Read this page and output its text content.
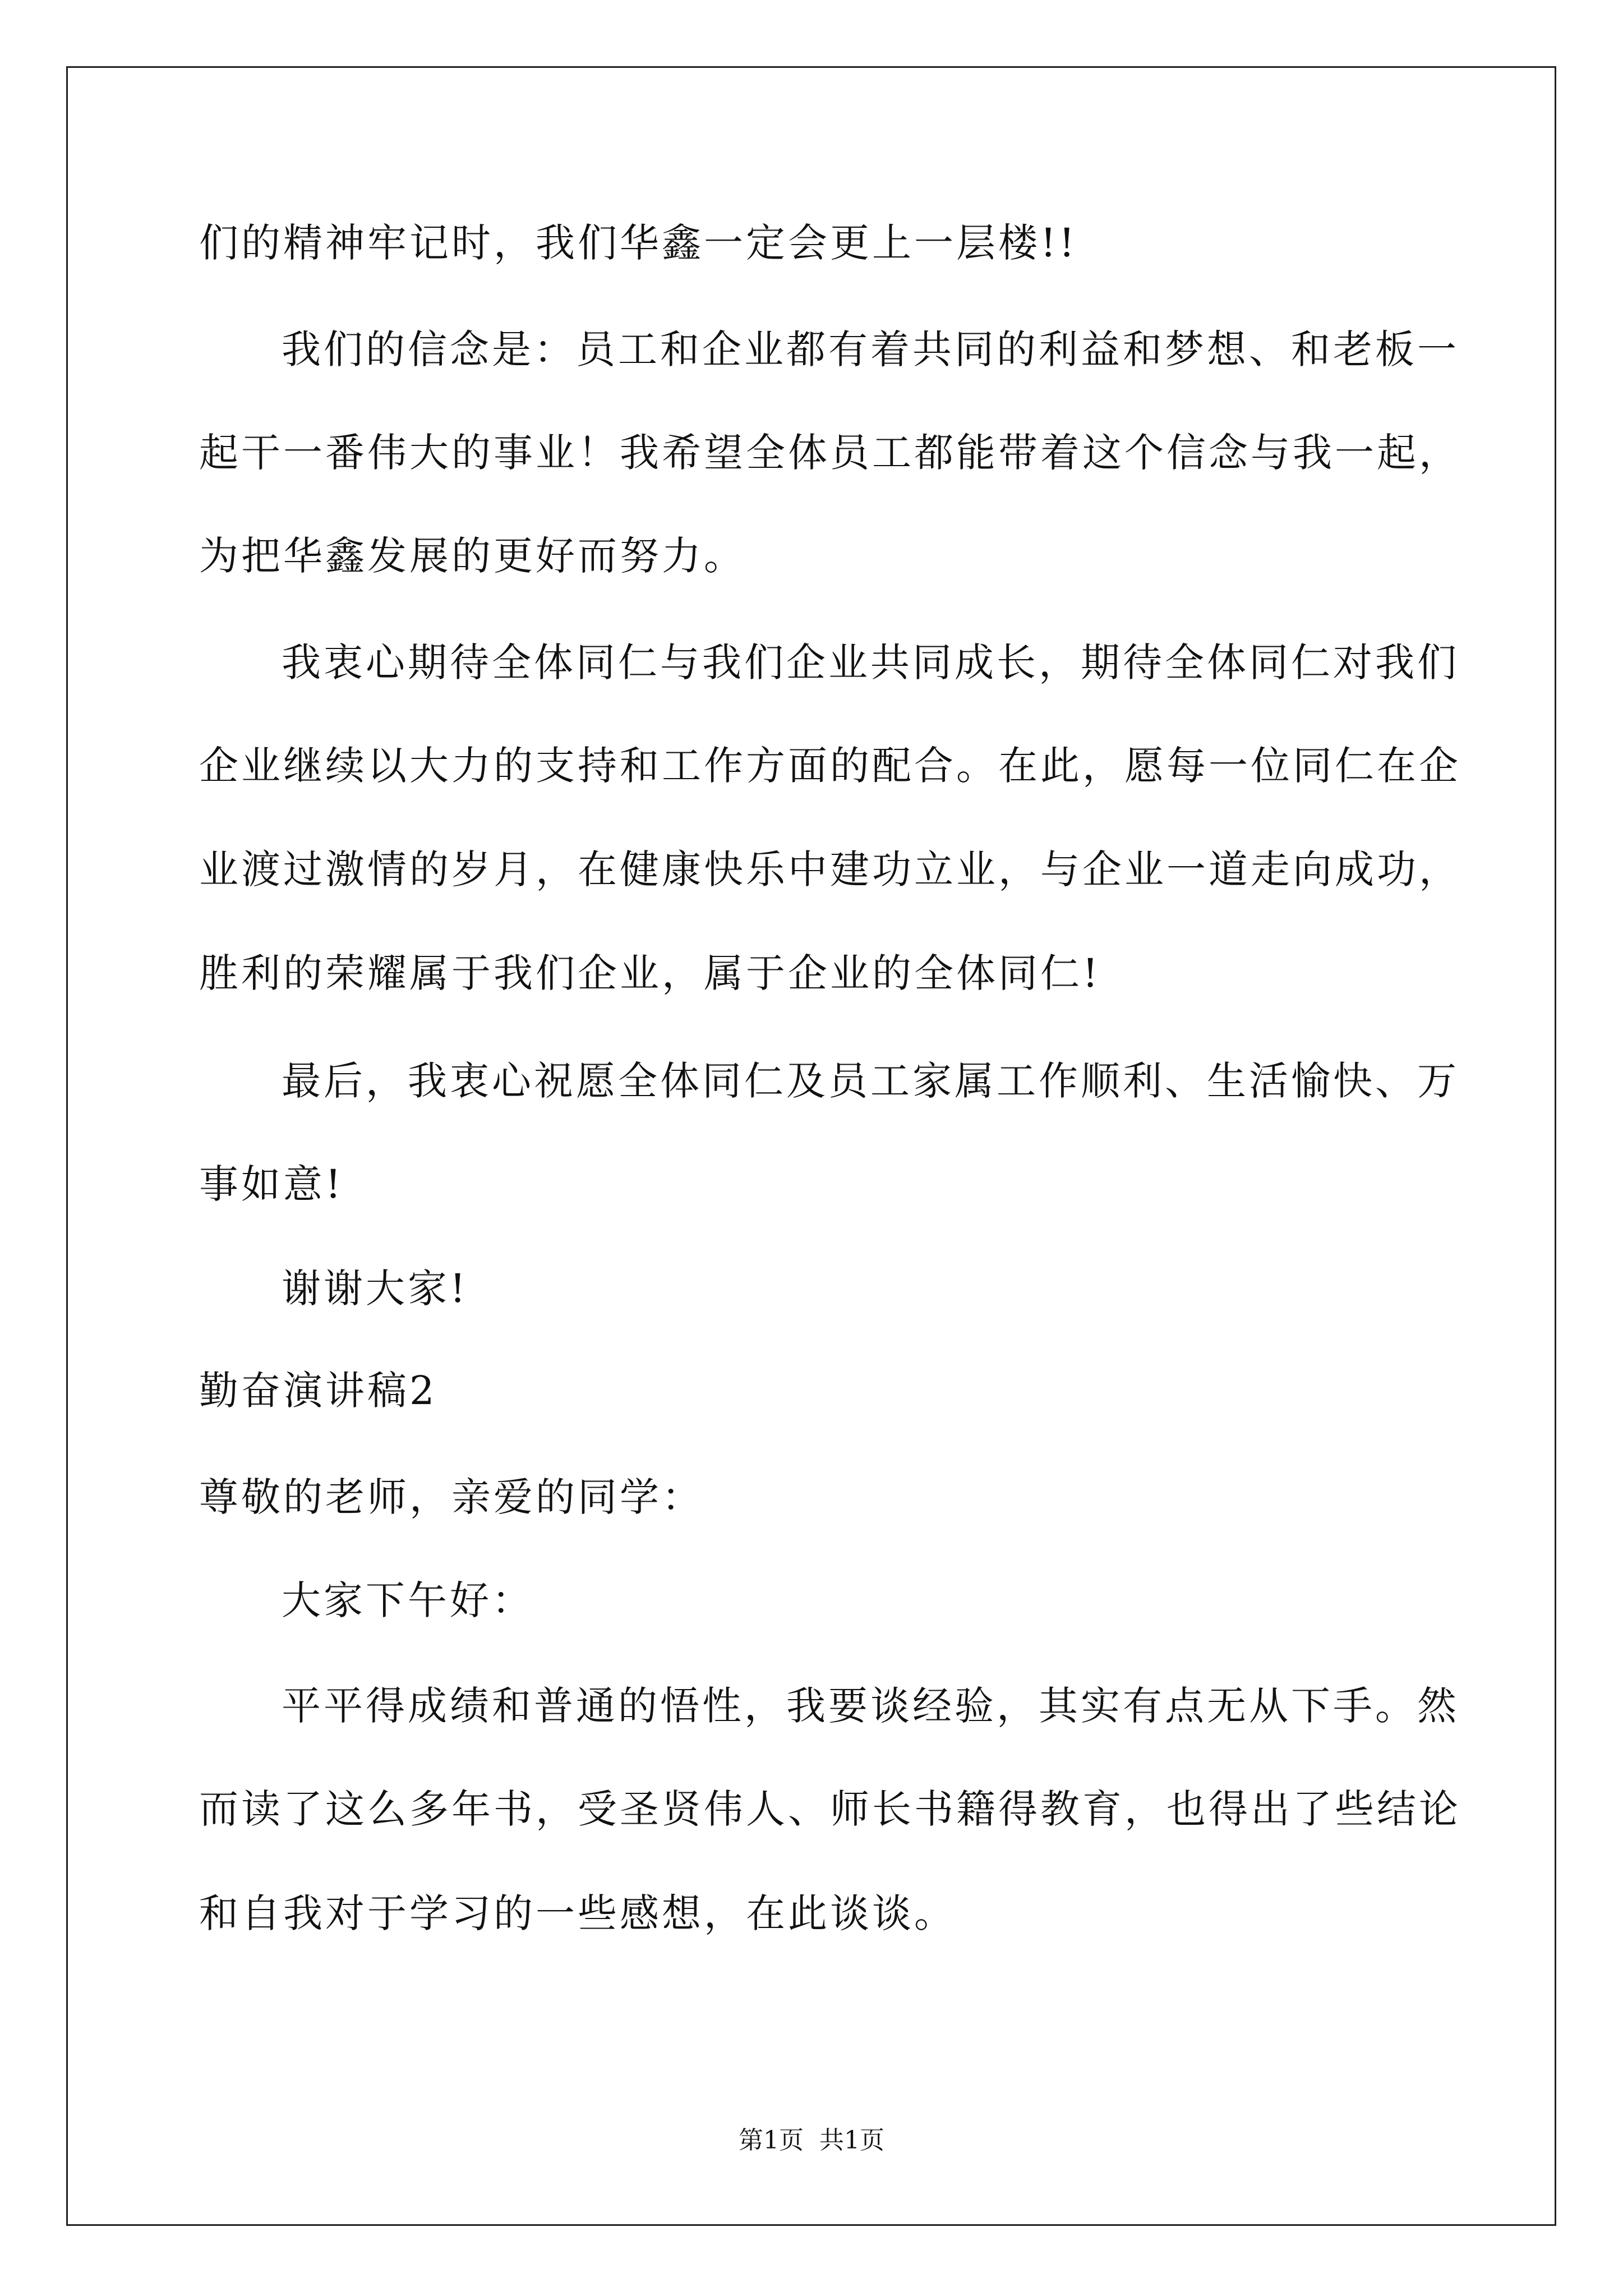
们的精神牢记时，我们华鑫一定会更上一层楼!!
我们的信念是：员工和企业都有着共同的利益和梦想、和老板一
起干一番伟大的事业！我希望全体员工都能带着这个信念与我一起，
为把华鑫发展的更好而努力。
我衷心期待全体同仁与我们企业共同成长，期待全体同仁对我们
企业继续以大力的支持和工作方面的配合。在此，愿每一位同仁在企
业渡过激情的岁月，在健康快乐中建功立业，与企业一道走向成功，
胜利的荣耀属于我们企业，属于企业的全体同仁!
最后，我衷心祝愿全体同仁及员工家属工作顺利、生活愉快、万
事如意!
谢谢大家!
勤奋演讲稿2
尊敬的老师，亲爱的同学：
大家下午好：
平平得成绩和普通的悟性，我要谈经验，其实有点无从下手。然
而读了这么多年书，受圣贤伟人、师长书籍得教育，也得出了些结论
和自我对于学习的一些感想，在此谈谈。
第1页 共1页
